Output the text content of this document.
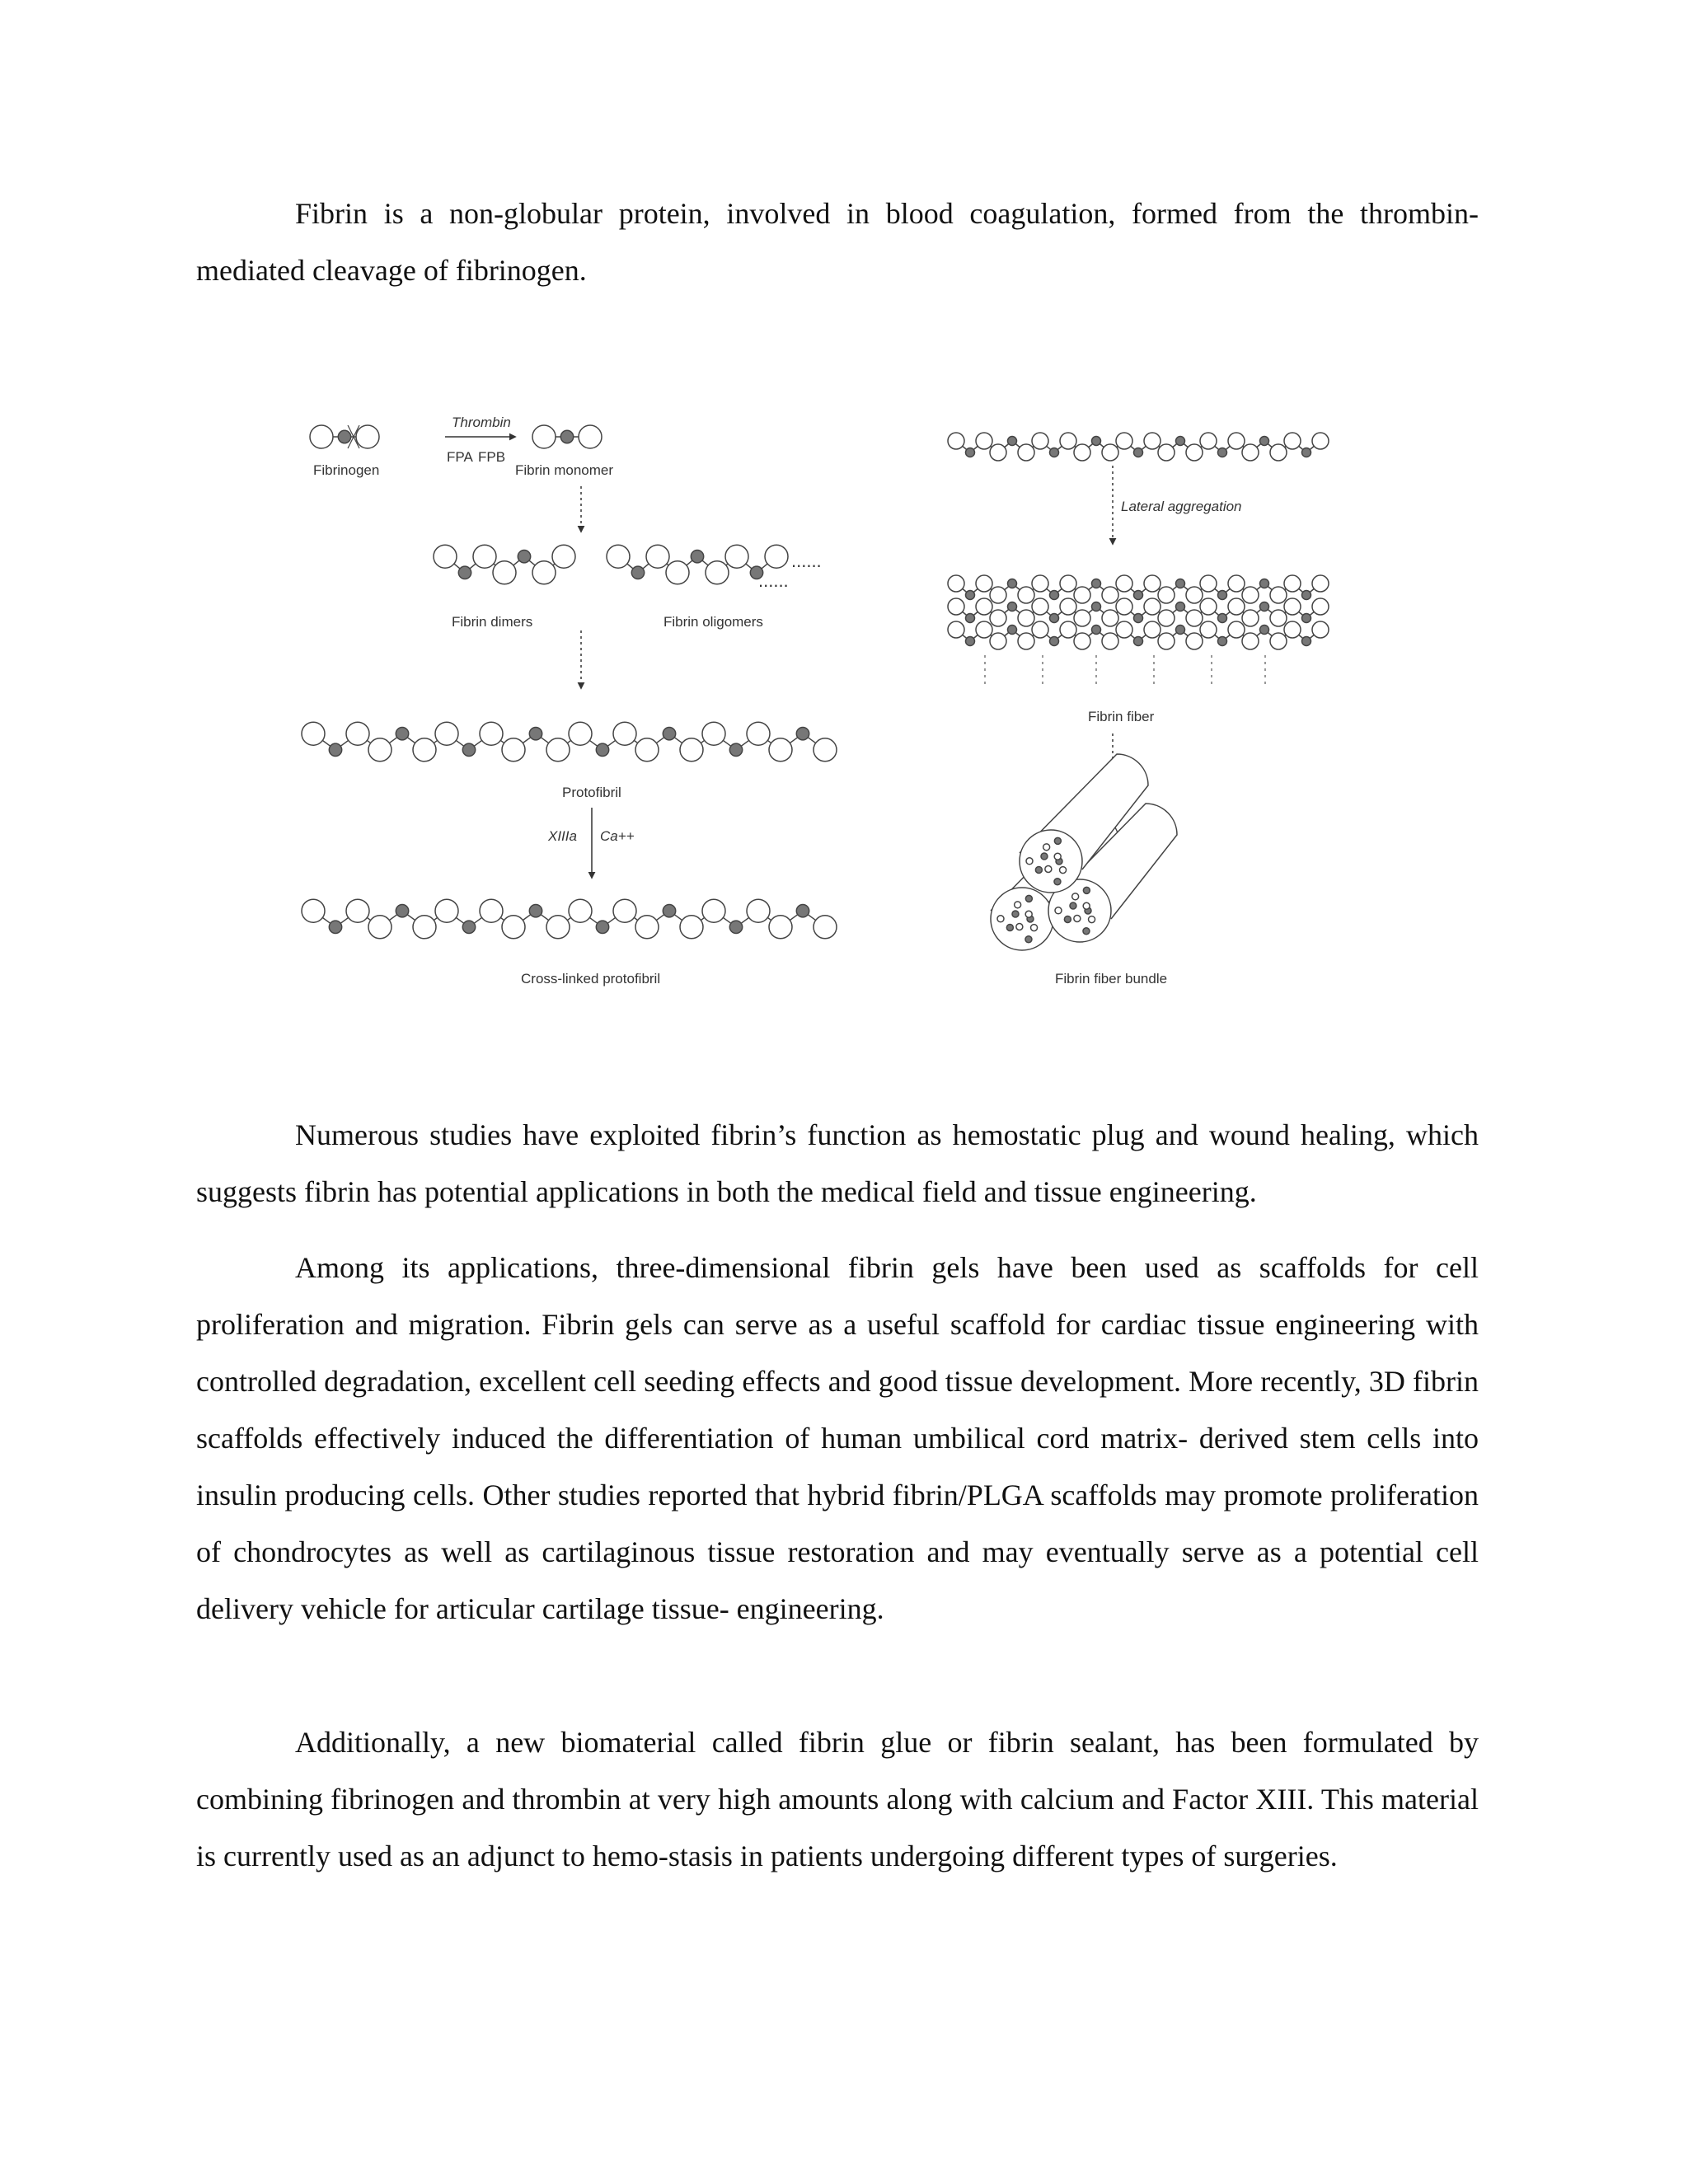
Fibrin is a non-globular protein, involved in blood coagulation, formed from the thrombin-mediated cleavage of fibrinogen.

Fibrinogen
Thrombin
FPA FPB
Fibrin monomer
......
......
Fibrin dimers	Fibrin oligomers
Protofibril
XIIIa Ca++
Cross-linked protofibril
Lateral aggregation
Fibrin fiber
Fibrin fiber bundle

Numerous studies have exploited fibrin’s function as hemostatic plug and wound healing, which suggests fibrin has potential applications in both the medical field and tissue engineering.

Among its applications, three-dimensional fibrin gels have been used as scaffolds for cell proliferation and migration. Fibrin gels can serve as a useful scaffold for cardiac tissue engineering with controlled degradation, excellent cell seeding effects and good tissue development. More recently, 3D fibrin scaffolds effectively induced the differentiation of human umbilical cord matrix- derived stem cells into insulin producing cells. Other studies reported that hybrid fibrin/PLGA scaffolds may promote proliferation of chondrocytes as well as cartilaginous tissue restoration and may eventually serve as a potential cell delivery vehicle for articular cartilage tissue- engineering.

Additionally, a new biomaterial called fibrin glue or fibrin sealant, has been formulated by combining fibrinogen and thrombin at very high amounts along with calcium and Factor XIII. This material is currently used as an adjunct to hemo-stasis in patients undergoing different types of surgeries.
